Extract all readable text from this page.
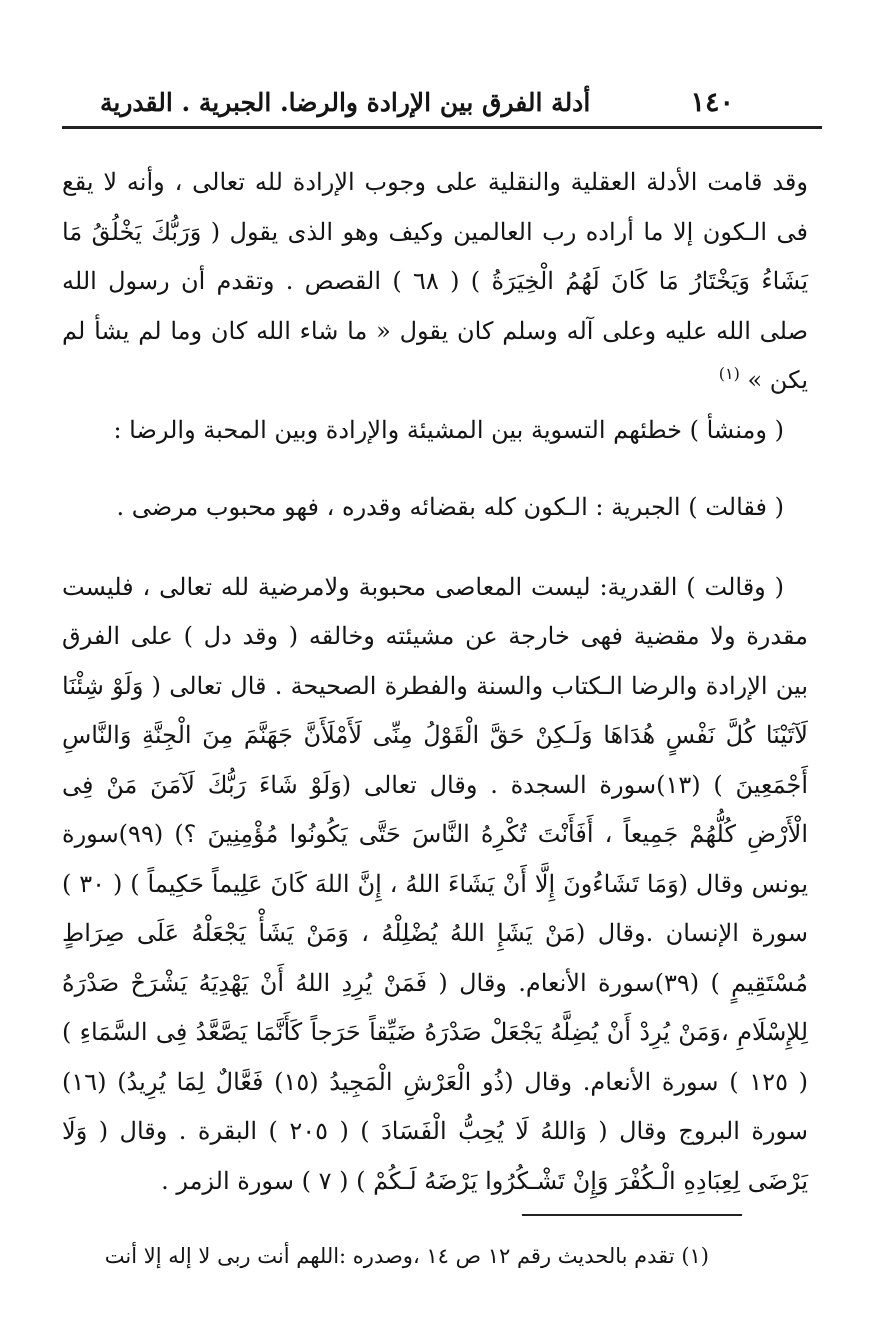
١٤٠
أدلة الفرق بين الإرادة والرضا. الجبرية . القدرية

وقد قامت الأدلة العقلية والنقلية على وجوب الإرادة لله تعالى ، وأنه لا يقع فى الـكون إلا ما أراده رب العالمين وكيف وهو الذى يقول ( وَرَبُّكَ يَخْلُقُ مَا يَشَاءُ وَيَخْتَارُ مَا كَانَ لَهُمُ الْخِيَرَةُ ) ( ٦٨ ) القصص . وتقدم أن رسول الله صلى الله عليه وعلى آله وسلم كان يقول « ما شاء الله كان وما لم يشأ لم يكن » $^{(١)}$

( ومنشأ ) خطئهم التسوية بين المشيئة والإرادة وبين المحبة والرضا :

( فقالت ) الجبرية : الـكون كله بقضائه وقدره ، فهو محبوب مرضى .

( وقالت ) القدرية: ليست المعاصى محبوبة ولامرضية لله تعالى ، فليست مقدرة ولا مقضية فهى خارجة عن مشيئته وخالقه ( وقد دل ) على الفرق بين الإرادة والرضا الـكتاب والسنة والفطرة الصحيحة . قال تعالى ( وَلَوْ شِئْنَا لَآتَيْنَا كُلَّ نَفْسٍ هُدَاهَا وَلَـكِنْ حَقَّ الْقَوْلُ مِنِّى لَأَمْلَأَنَّ جَهَنَّمَ مِنَ الْجِنَّةِ وَالنَّاسِ أَجْمَعِينَ ) (١٣)سورة السجدة . وقال تعالى (وَلَوْ شَاءَ رَبُّكَ لَآمَنَ مَنْ فِى الْأَرْضِ كُلُّهُمْ جَمِيعاً ، أَفَأَنْتَ تُكْرِهُ النَّاسَ حَتَّى يَكُونُوا مُؤْمِنِينَ ؟) (٩٩)سورة يونس وقال (وَمَا تَشَاءُونَ إِلَّا أَنْ يَشَاءَ اللهُ ، إِنَّ اللهَ كَانَ عَلِيماً حَكِيماً ) ( ٣٠ ) سورة الإنسان .وقال (مَنْ يَشَإِ اللهُ يُضْلِلْهُ ، وَمَنْ يَشَأْ يَجْعَلْهُ عَلَى صِرَاطٍ مُسْتَقِيمٍ ) (٣٩)سورة الأنعام. وقال ( فَمَنْ يُرِدِ اللهُ أَنْ يَهْدِيَهُ يَشْرَحْ صَدْرَهُ لِلإِسْلَامِ ،وَمَنْ يُرِدْ أَنْ يُضِلَّهُ يَجْعَلْ صَدْرَهُ ضَيِّقاً حَرَجاً كَأَنَّمَا يَصَّعَّدُ فِى السَّمَاءِ ) ( ١٢٥ ) سورة الأنعام. وقال (ذُو الْعَرْشِ الْمَجِيدُ (١٥) فَعَّالٌ لِمَا يُرِيدُ) (١٦) سورة البروج وقال ( وَاللهُ لَا يُحِبُّ الْفَسَادَ ) ( ٢٠٥ ) البقرة . وقال ( وَلَا يَرْضَى لِعِبَادِهِ الْـكُفْرَ وَإِنْ تَشْـكُرُوا يَرْضَهُ لَـكُمْ ) ( ٧ ) سورة الزمر .

(١) تقدم بالحديث رقم ١٢ ص ١٤ ،وصدره :اللهم أنت ربى لا إله إلا أنت
